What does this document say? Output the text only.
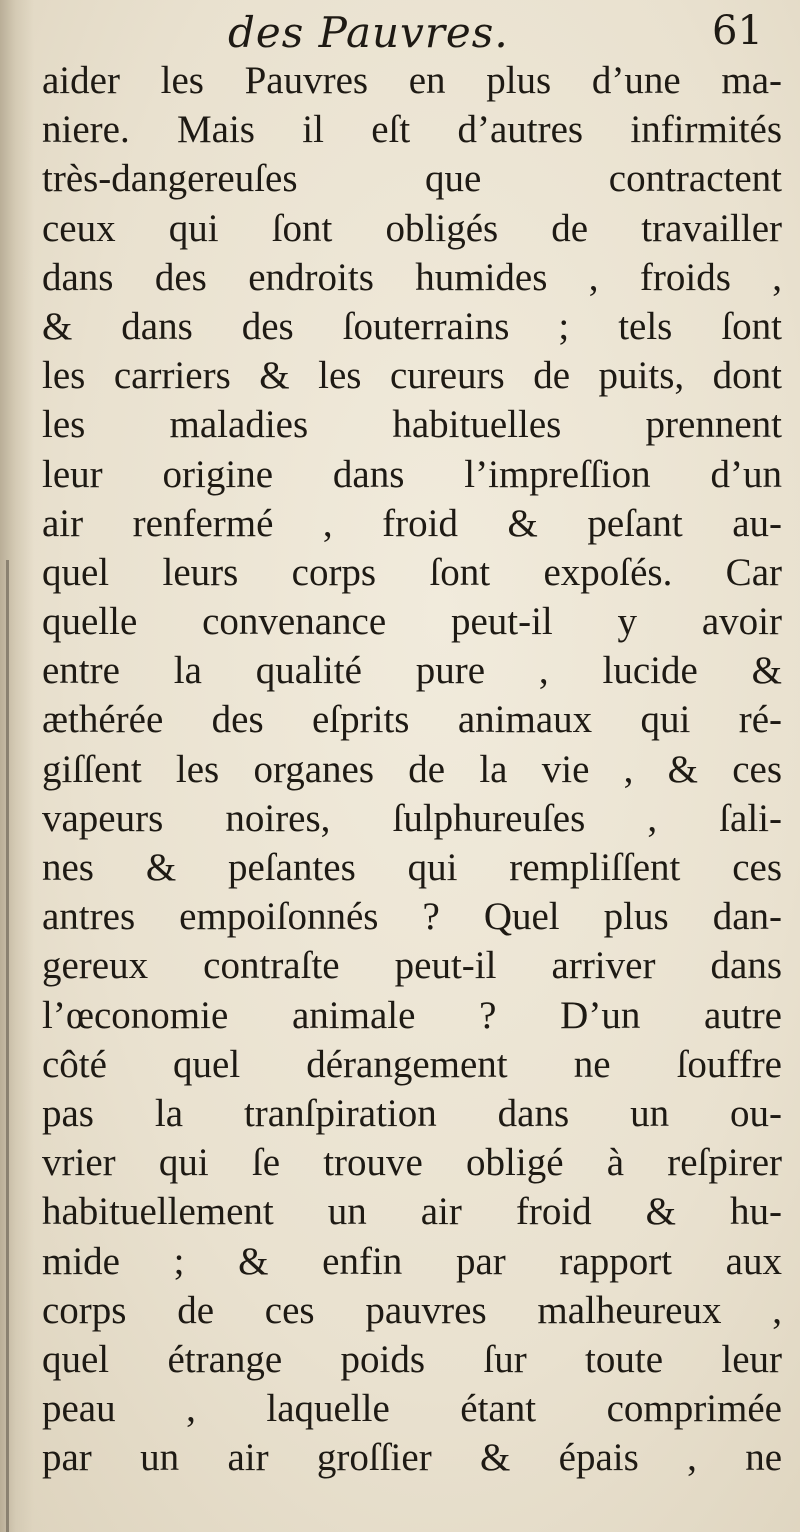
des Pauvres.	61
aider les Pauvres en plus d’une ma-
niere. Mais il eſt d’autres infirmités
très-dangereuſes que contractent
ceux qui ſont obligés de travailler
dans des endroits humides , froids ,
& dans des ſouterrains ; tels ſont
les carriers & les cureurs de puits, dont
les maladies habituelles prennent
leur origine dans l’impreſſion d’un
air renfermé , froid & peſant au-
quel leurs corps ſont expoſés. Car
quelle convenance peut-il y avoir
entre la qualité pure , lucide &
æthérée des eſprits animaux qui ré-
giſſent les organes de la vie , & ces
vapeurs noires, ſulphureuſes , ſali-
nes & peſantes qui rempliſſent ces
antres empoiſonnés ? Quel plus dan-
gereux contraſte peut-il arriver dans
l’œconomie animale ? D’un autre
côté quel dérangement ne ſouffre
pas la tranſpiration dans un ou-
vrier qui ſe trouve obligé à reſpirer
habituellement un air froid & hu-
mide ; & enfin par rapport aux
corps de ces pauvres malheureux ,
quel étrange poids ſur toute leur
peau , laquelle étant comprimée
par un air groſſier & épais , ne
